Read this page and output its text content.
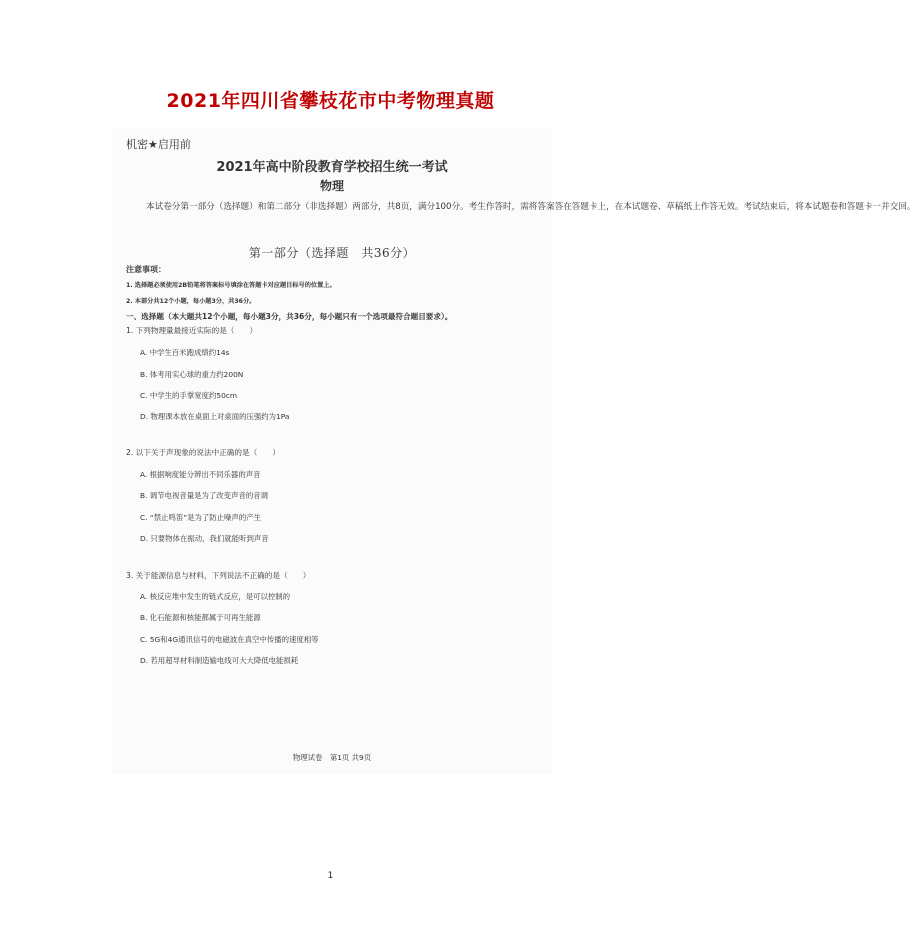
2021年四川省攀枝花市中考物理真题
机密★启用前
2021年高中阶段教育学校招生统一考试
物理
本试卷分第一部分（选择题）和第二部分（非选择题）两部分，共8页，满分100分。考生作答时，需将答案答在答题卡上，在本试题卷、草稿纸上作答无效。考试结束后，将本试题卷和答题卡一并交回。
第一部分（选择题　共36分）
注意事项：
1. 选择题必须使用2B铅笔将答案标号填涂在答题卡对应题目标号的位置上。
2. 本部分共12个小题，每小题3分，共36分。
一、选择题（本大题共12个小题，每小题3分，共36分，每小题只有一个选项最符合题目要求）。
1. 下列物理量最接近实际的是（　　）
A. 中学生百米跑成绩约14s
B. 体考用实心球的重力约200N
C. 中学生的手掌宽度约50cm
D. 物理课本放在桌面上对桌面的压强约为1Pa
2. 以下关于声现象的说法中正确的是（　　）
A. 根据响度能分辨出不同乐器的声音
B. 调节电视音量是为了改变声音的音调
C. “禁止鸣笛”是为了防止噪声的产生
D. 只要物体在振动，我们就能听到声音
3. 关于能源信息与材料，下列说法不正确的是（　　）
A. 核反应堆中发生的链式反应，是可以控制的
B. 化石能源和核能都属于可再生能源
C. 5G和4G通讯信号的电磁波在真空中传播的速度相等
D. 若用超导材料制造输电线可大大降低电能损耗
物理试卷　第1页 共9页
1
